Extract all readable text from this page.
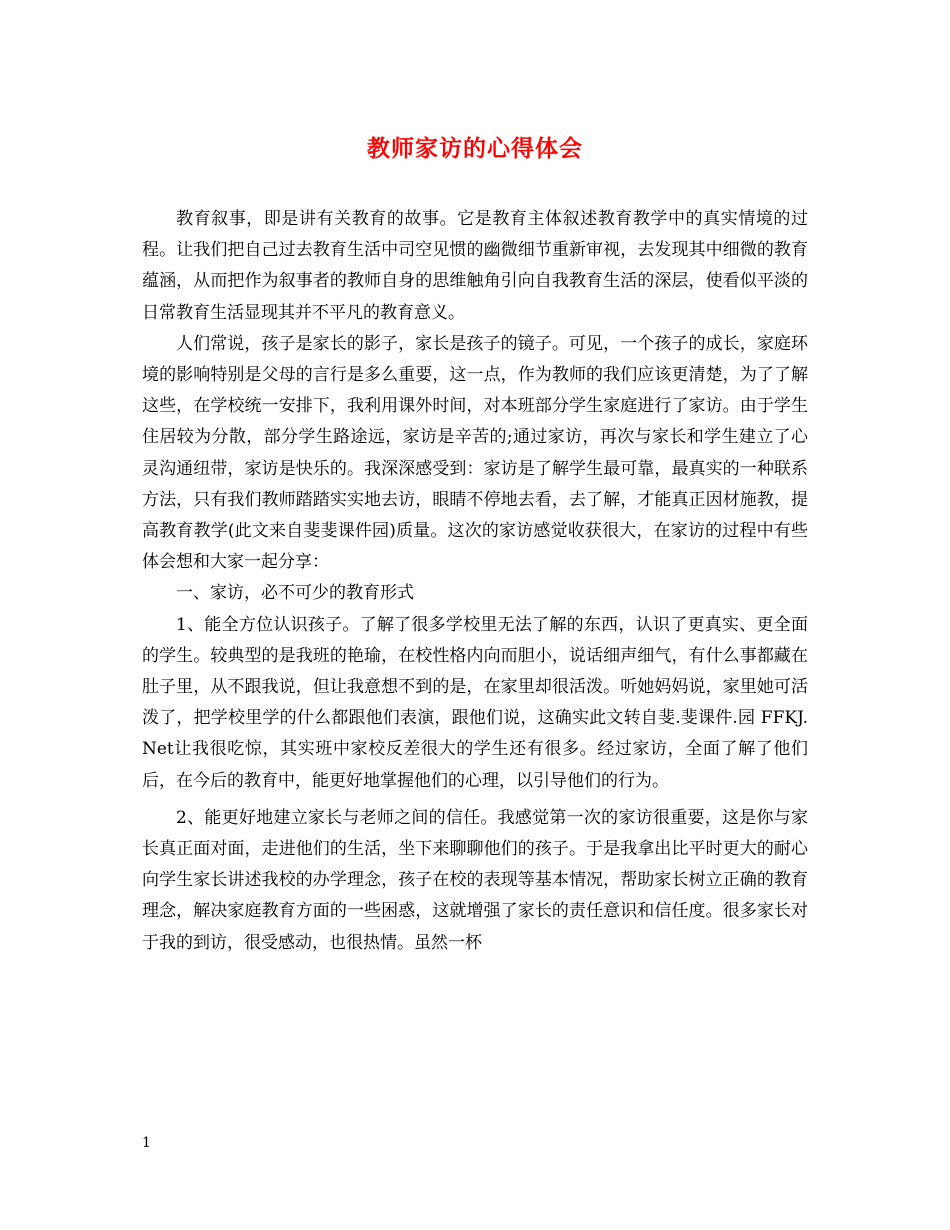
教师家访的心得体会

教育叙事，即是讲有关教育的故事。它是教育主体叙述教育教学中的真实情境的过程。让我们把自己过去教育生活中司空见惯的幽微细节重新审视，去发现其中细微的教育蕴涵，从而把作为叙事者的教师自身的思维触角引向自我教育生活的深层，使看似平淡的日常教育生活显现其并不平凡的教育意义。

人们常说，孩子是家长的影子，家长是孩子的镜子。可见，一个孩子的成长，家庭环境的影响特别是父母的言行是多么重要，这一点，作为教师的我们应该更清楚，为了了解这些，在学校统一安排下，我利用课外时间，对本班部分学生家庭进行了家访。由于学生住居较为分散，部分学生路途远，家访是辛苦的;通过家访，再次与家长和学生建立了心灵沟通纽带，家访是快乐的。我深深感受到：家访是了解学生最可靠，最真实的一种联系方法，只有我们教师踏踏实实地去访，眼睛不停地去看，去了解，才能真正因材施教，提高教育教学(此文来自斐斐课件园)质量。这次的家访感觉收获很大，在家访的过程中有些体会想和大家一起分享：

一、家访，必不可少的教育形式

1、能全方位认识孩子。了解了很多学校里无法了解的东西，认识了更真实、更全面的学生。较典型的是我班的艳瑜，在校性格内向而胆小，说话细声细气，有什么事都藏在肚子里，从不跟我说，但让我意想不到的是，在家里却很活泼。听她妈妈说，家里她可活泼了，把学校里学的什么都跟他们表演，跟他们说，这确实此文转自斐.斐课件.园 FFKJ.Net让我很吃惊，其实班中家校反差很大的学生还有很多。经过家访，全面了解了他们后，在今后的教育中，能更好地掌握他们的心理，以引导他们的行为。

2、能更好地建立家长与老师之间的信任。我感觉第一次的家访很重要，这是你与家长真正面对面，走进他们的生活，坐下来聊聊他们的孩子。于是我拿出比平时更大的耐心向学生家长讲述我校的办学理念，孩子在校的表现等基本情况，帮助家长树立正确的教育理念，解决家庭教育方面的一些困惑，这就增强了家长的责任意识和信任度。很多家长对于我的到访，很受感动，也很热情。虽然一杯

1
